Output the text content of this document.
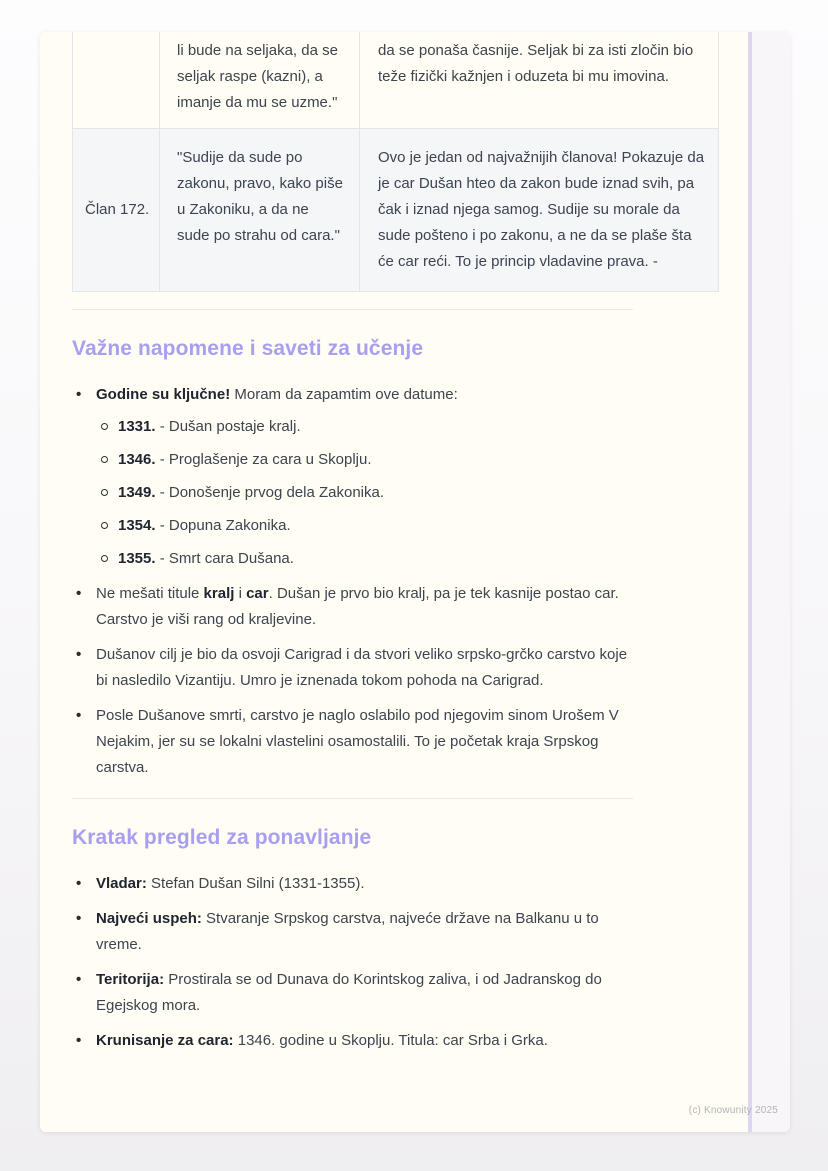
	li bude na seljaka, da se seljak raspe (kazni), a imanje da mu se uzme."	da se ponaša časnije. Seljak bi za isti zločin bio teže fizički kažnjen i oduzeta bi mu imovina.
Član 172.	"Sudije da sude po zakonu, pravo, kako piše u Zakoniku, a da ne sude po strahu od cara."	Ovo je jedan od najvažnijih članova! Pokazuje da je car Dušan hteo da zakon bude iznad svih, pa čak i iznad njega samog. Sudije su morale da sude pošteno i po zakonu, a ne da se plaše šta će car reći. To je princip vladavine prava. -
Važne napomene i saveti za učenje
• Godine su ključne! Moram da zapamtim ove datume:
1331. - Dušan postaje kralj.
1346. - Proglašenje za cara u Skoplju.
1349. - Donošenje prvog dela Zakonika.
1354. - Dopuna Zakonika.
1355. - Smrt cara Dušana.
• Ne mešati titule kralj i car. Dušan je prvo bio kralj, pa je tek kasnije postao car. Carstvo je viši rang od kraljevine.
• Dušanov cilj je bio da osvoji Carigrad i da stvori veliko srpsko-grčko carstvo koje bi nasledilo Vizantiju. Umro je iznenada tokom pohoda na Carigrad.
• Posle Dušanove smrti, carstvo je naglo oslabilo pod njegovim sinom Urošem V Nejakim, jer su se lokalni vlastelini osamostalili. To je početak kraja Srpskog carstva.
Kratak pregled za ponavljanje
• Vladar: Stefan Dušan Silni (1331-1355).
• Najveći uspeh: Stvaranje Srpskog carstva, najveće države na Balkanu u to vreme.
• Teritorija: Prostirala se od Dunava do Korintskog zaliva, i od Jadranskog do Egejskog mora.
• Krunisanje za cara: 1346. godine u Skoplju. Titula: car Srba i Grka.
(c) Knowunity 2025
